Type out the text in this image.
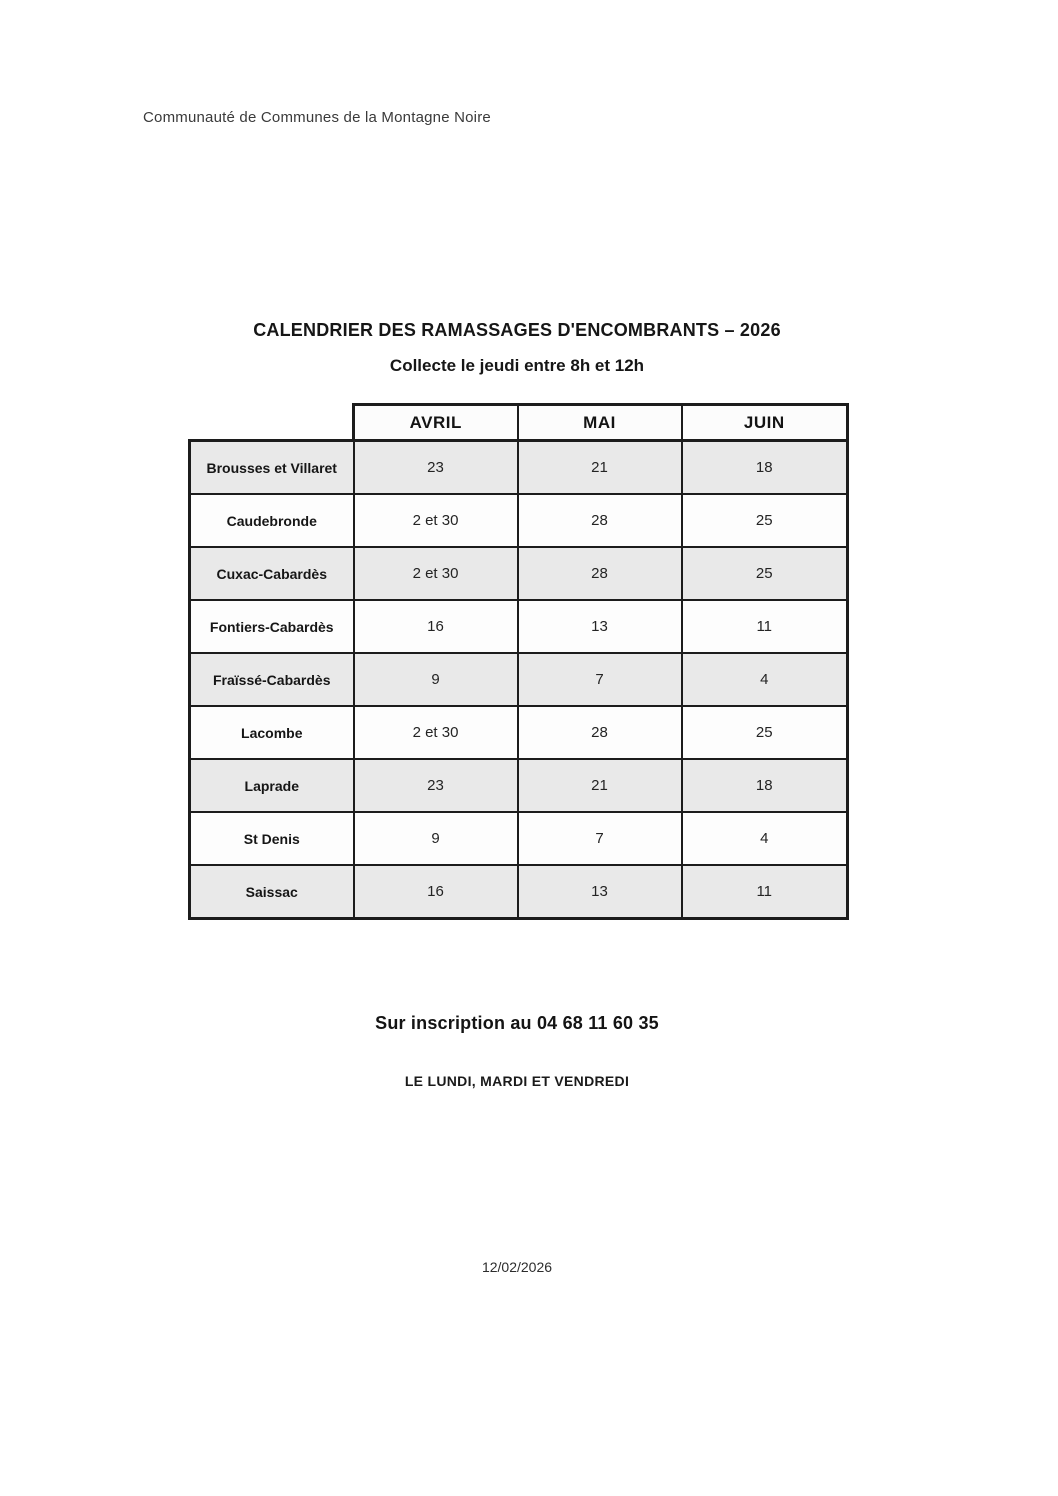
Communauté de Communes de la Montagne Noire
CALENDRIER DES RAMASSAGES D'ENCOMBRANTS – 2026
Collecte le jeudi entre 8h et 12h
	AVRIL	MAI	JUIN
Brousses et Villaret	23	21	18
Caudebronde	2 et 30	28	25
Cuxac-Cabardès	2 et 30	28	25
Fontiers-Cabardès	16	13	11
Fraïssé-Cabardès	9	7	4
Lacombe	2 et 30	28	25
Laprade	23	21	18
St Denis	9	7	4
Saissac	16	13	11
Sur inscription au 04 68 11 60 35
LE LUNDI, MARDI ET VENDREDI
12/02/2026
